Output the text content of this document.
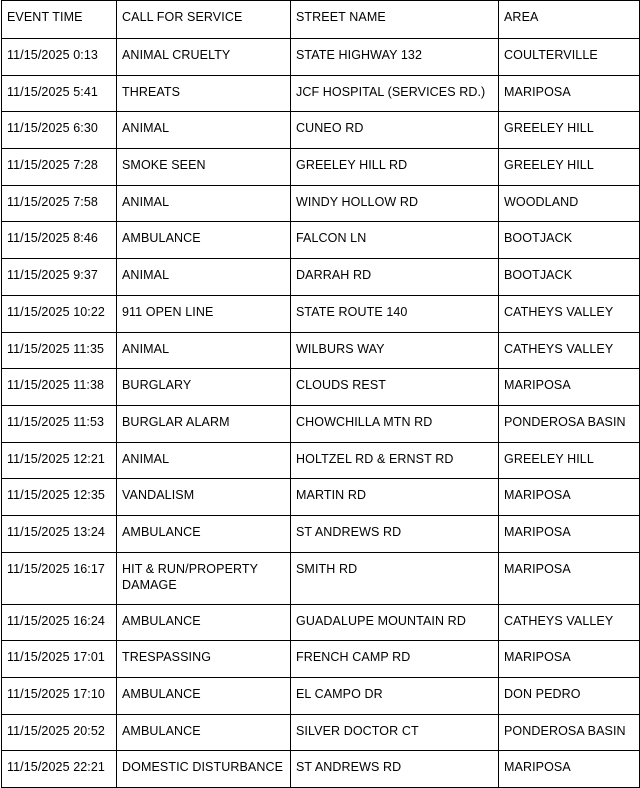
EVENT TIME	CALL FOR SERVICE	STREET NAME	AREA
11/15/2025 0:13	ANIMAL CRUELTY	STATE HIGHWAY 132	COULTERVILLE
11/15/2025 5:41	THREATS	JCF HOSPITAL (SERVICES RD.)	MARIPOSA
11/15/2025 6:30	ANIMAL	CUNEO RD	GREELEY HILL
11/15/2025 7:28	SMOKE SEEN	GREELEY HILL RD	GREELEY HILL
11/15/2025 7:58	ANIMAL	WINDY HOLLOW RD	WOODLAND
11/15/2025 8:46	AMBULANCE	FALCON LN	BOOTJACK
11/15/2025 9:37	ANIMAL	DARRAH RD	BOOTJACK
11/15/2025 10:22	911 OPEN LINE	STATE ROUTE 140	CATHEYS VALLEY
11/15/2025 11:35	ANIMAL	WILBURS WAY	CATHEYS VALLEY
11/15/2025 11:38	BURGLARY	CLOUDS REST	MARIPOSA
11/15/2025 11:53	BURGLAR ALARM	CHOWCHILLA MTN RD	PONDEROSA BASIN
11/15/2025 12:21	ANIMAL	HOLTZEL RD & ERNST RD	GREELEY HILL
11/15/2025 12:35	VANDALISM	MARTIN RD	MARIPOSA
11/15/2025 13:24	AMBULANCE	ST ANDREWS RD	MARIPOSA
11/15/2025 16:17	HIT & RUN/PROPERTY DAMAGE	SMITH RD	MARIPOSA
11/15/2025 16:24	AMBULANCE	GUADALUPE MOUNTAIN RD	CATHEYS VALLEY
11/15/2025 17:01	TRESPASSING	FRENCH CAMP RD	MARIPOSA
11/15/2025 17:10	AMBULANCE	EL CAMPO DR	DON PEDRO
11/15/2025 20:52	AMBULANCE	SILVER DOCTOR CT	PONDEROSA BASIN
11/15/2025 22:21	DOMESTIC DISTURBANCE	ST ANDREWS RD	MARIPOSA
